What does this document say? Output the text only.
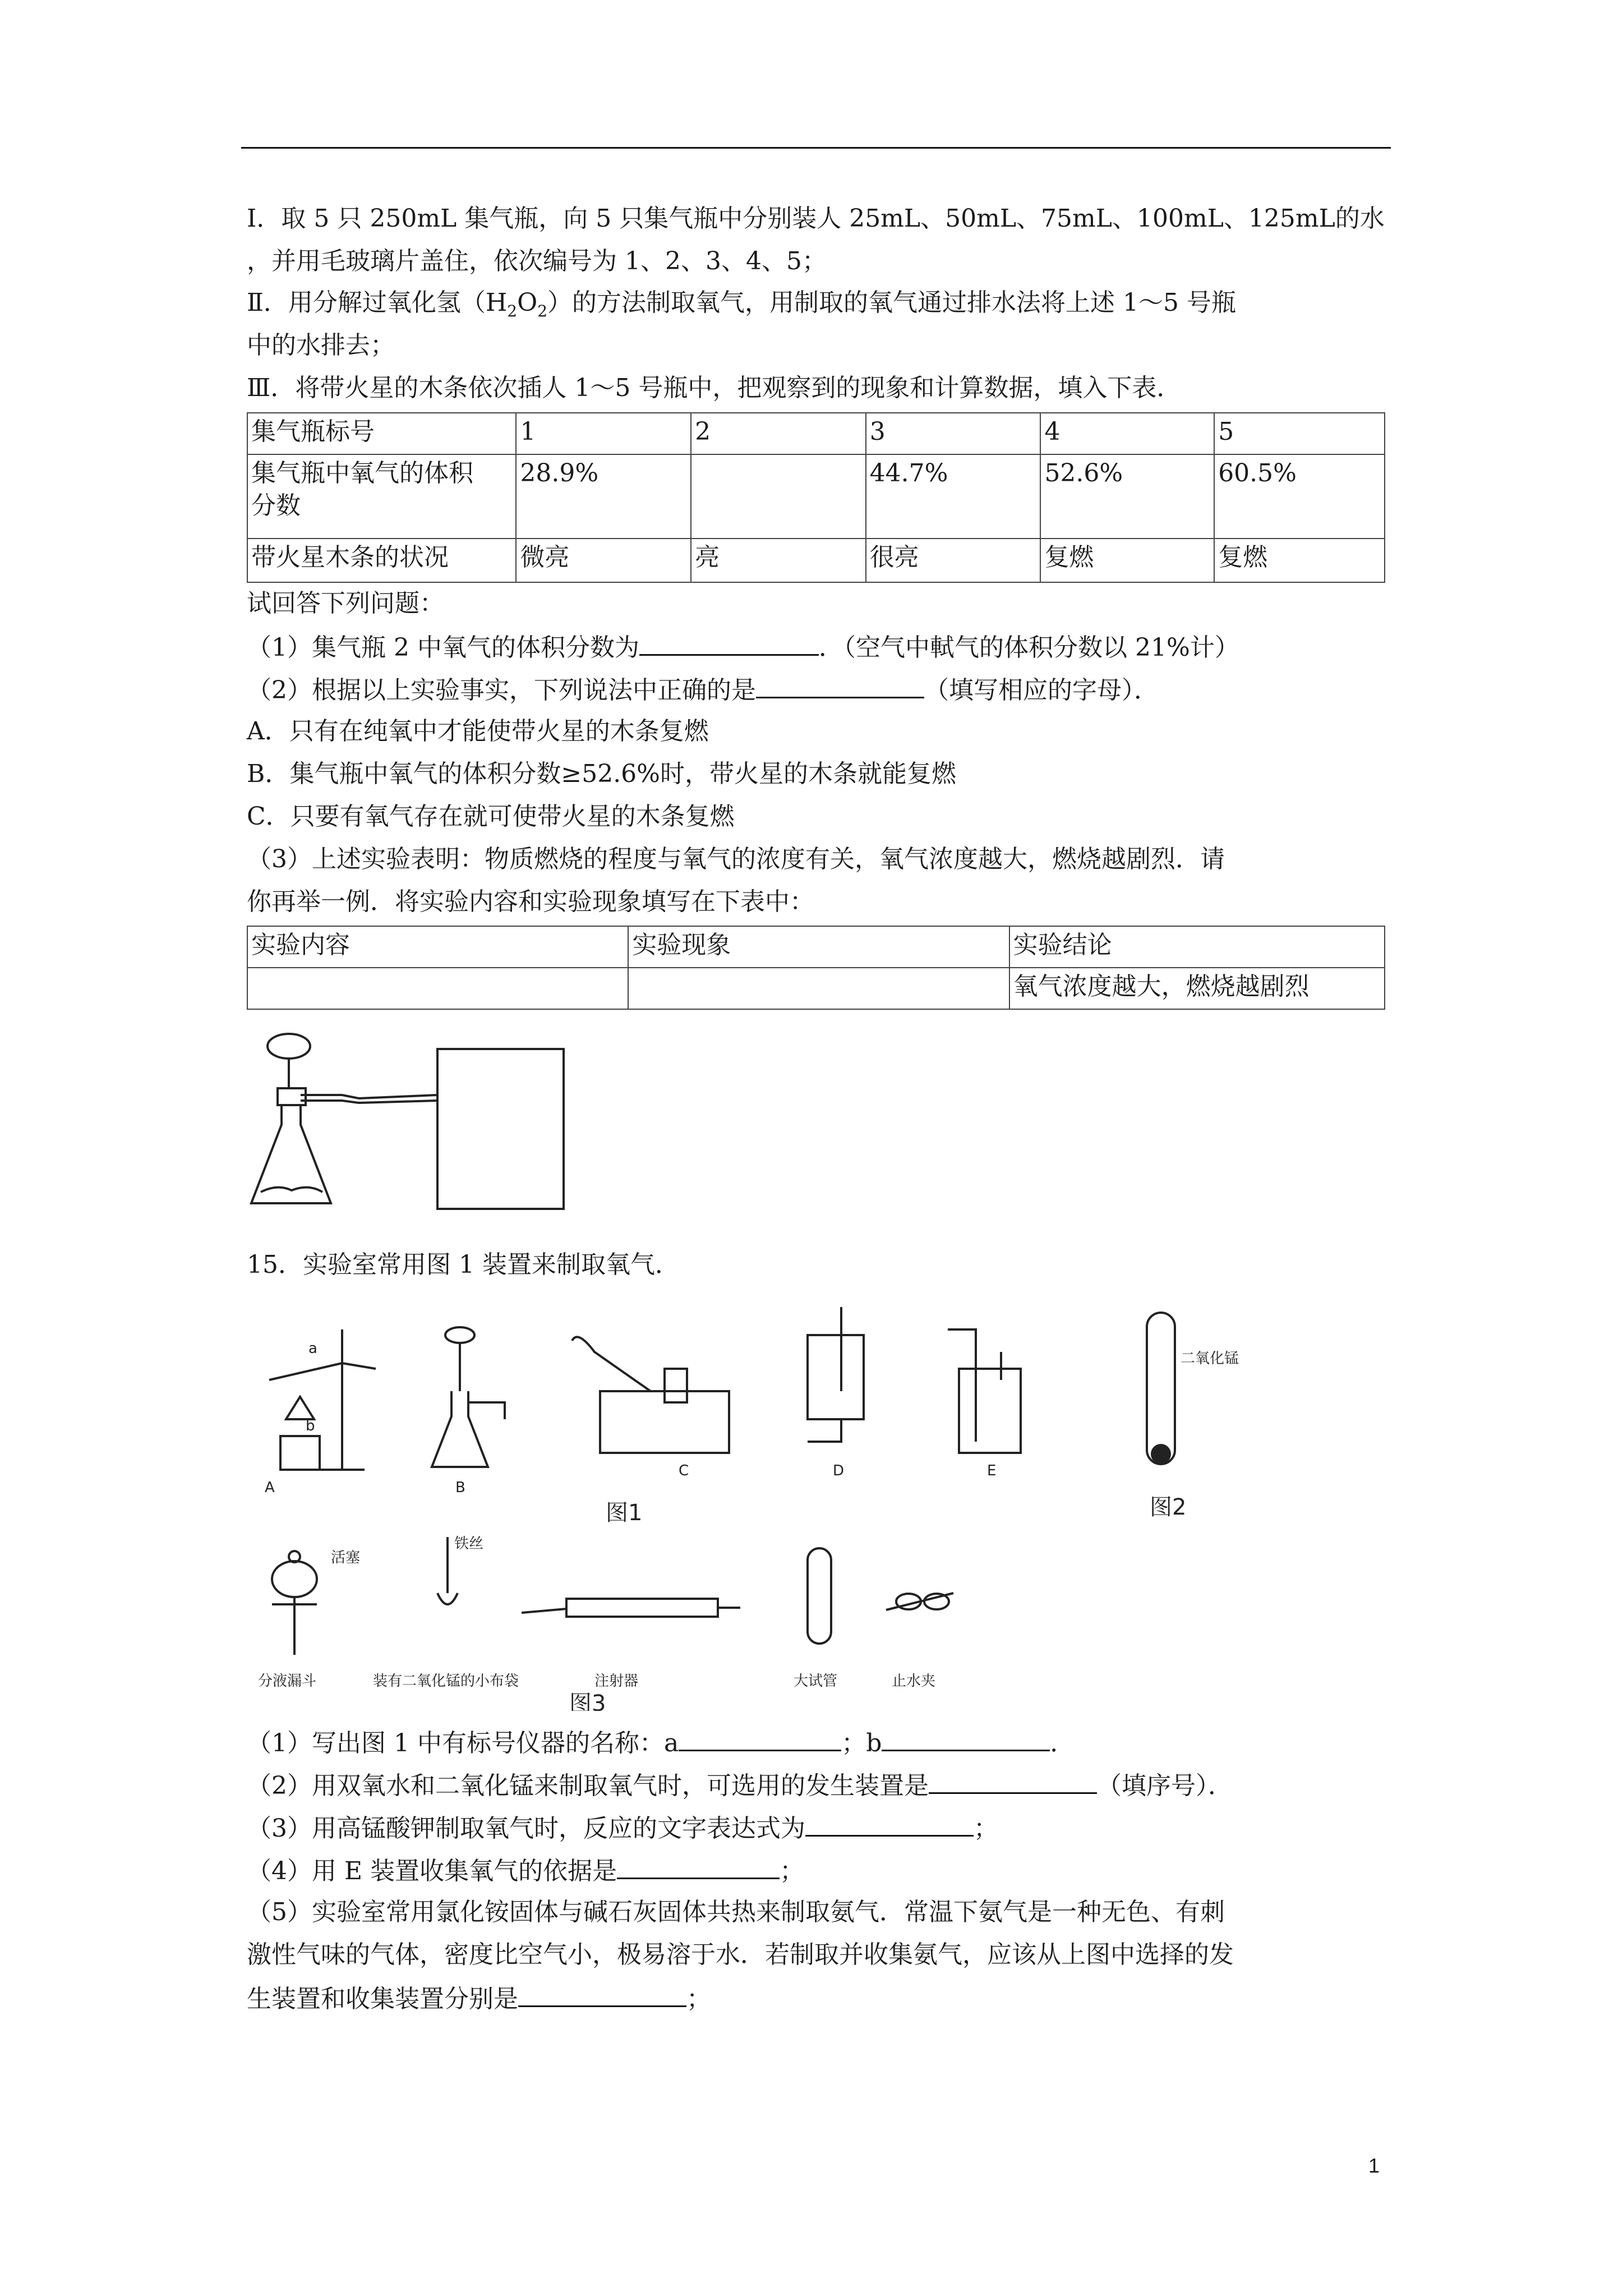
Ⅰ．取 5 只 250mL 集气瓶，向 5 只集气瓶中分别装人 25mL、50mL、75mL、100mL、125mL的水
，并用毛玻璃片盖住，依次编号为 1、2、3、4、5；
Ⅱ．用分解过氧化氢$(H_2O_2)$的方法制取氧气，用制取的氧气通过排水法将上述 1～5 号瓶
中的水排去；
Ⅲ．将带火星的木条依次插人 1～5 号瓶中，把观察到的现象和计算数据，填入下表．
集气瓶标号	1	2	3	4	5

集气瓶中氧气的体积
分数	28.9%		44.7%	52.6%	60.5%
带火星木条的状况	微亮	亮	很亮	复燃	复燃
试回答下列问题：
（1）集气瓶 2 中氧气的体积分数为	．（空气中軾气的体积分数以 21%计）
（2）根据以上实验事实，下列说法中正确的是	（填写相应的字母）．
A．只有在纯氧中才能使带火星的木条复燃
B．集气瓶中氧气的体积分数≥52.6%时，带火星的木条就能复燃
C．只要有氧气存在就可使带火星的木条复燃
（3）上述实验表明：物质燃烧的程度与氧气的浓度有关，氧气浓度越大，燃烧越剧烈．请
你再举一例．将实验内容和实验现象填写在下表中：
实验内容	实验现象	实验结论
		氧气浓度越大，燃烧越剧烈
15．实验室常用图 1 装置来制取氧气．
A	B
C	D	E
a
b
图1
二氧化锰
图2
活塞
铁丝
分液漏斗	装有二氧化锰的小布袋	注射器	大试管	止水夹
图3
（1）写出图 1 中有标号仪器的名称：a	；b	．
（2）用双氧水和二氧化锰来制取氧气时，可选用的发生装置是	（填序号）．
（3）用高锰酸钾制取氧气时，反应的文字表达式为	；
（4）用 E 装置收集氧气的依据是	；
（5）实验室常用氯化铵固体与碱石灰固体共热来制取氨气．常温下氨气是一种无色、有刺
激性气味的气体，密度比空气小，极易溶于水．若制取并收集氨气，应该从上图中选择的发
生装置和收集装置分别是	；
1
